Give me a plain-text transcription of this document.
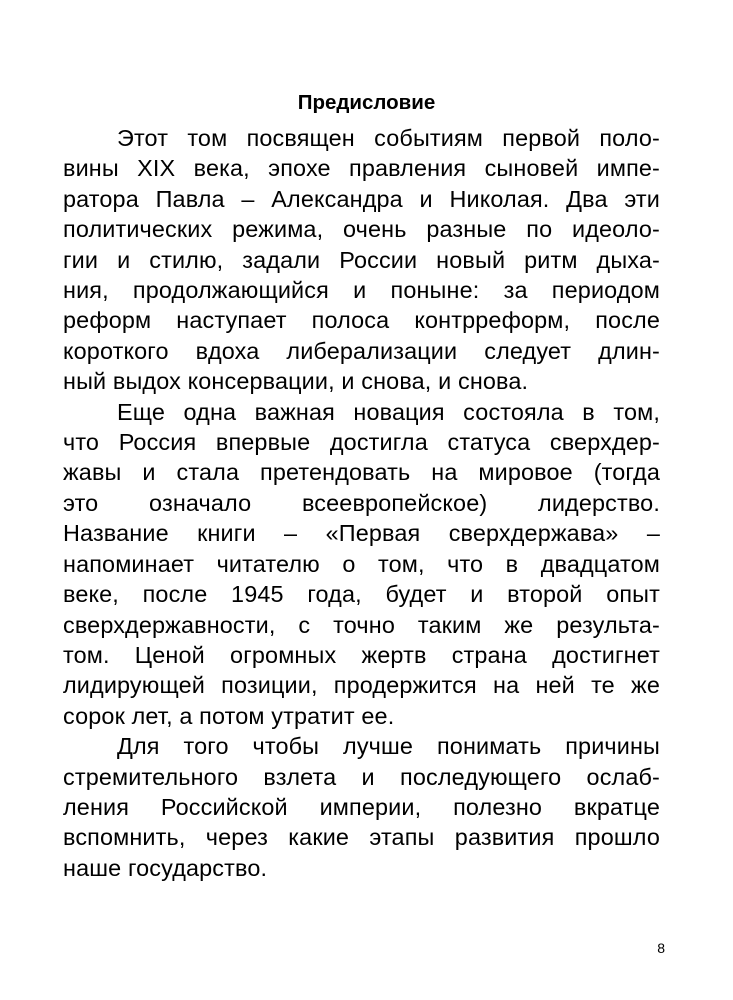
Предисловие

Этот том посвящен событиям первой поло-
вины XIX века, эпохе правления сыновей импе-
ратора Павла – Александра и Николая. Два эти
политических режима, очень разные по идеоло-
гии и стилю, задали России новый ритм дыха-
ния, продолжающийся и поныне: за периодом
реформ наступает полоса контрреформ, после
короткого вдоха либерализации следует длин-
ный выдох консервации, и снова, и снова.

Еще одна важная новация состояла в том,
что Россия впервые достигла статуса сверхдер-
жавы и стала претендовать на мировое (тогда
это означало всеевропейское) лидерство.
Название книги – «Первая сверхдержава» –
напоминает читателю о том, что в двадцатом
веке, после 1945 года, будет и второй опыт
сверхдержавности, с точно таким же результа-
том. Ценой огромных жертв страна достигнет
лидирующей позиции, продержится на ней те же
сорок лет, а потом утратит ее.

Для того чтобы лучше понимать причины
стремительного взлета и последующего ослаб-
ления Российской империи, полезно вкратце
вспомнить, через какие этапы развития прошло
наше государство.

8
